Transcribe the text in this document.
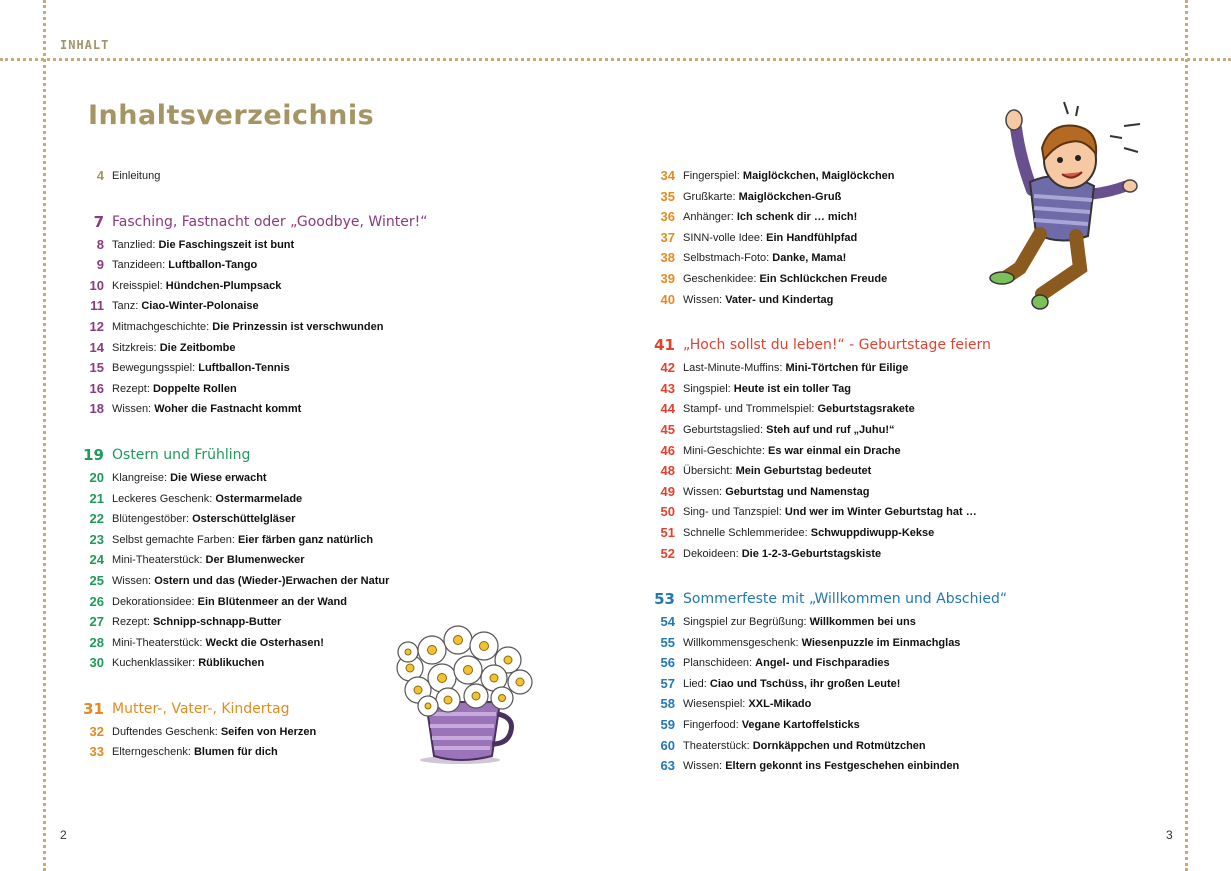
INHALT
Inhaltsverzeichnis
4 Einleitung
7 Fasching, Fastnacht oder „Goodbye, Winter!“
8 Tanzlied: Die Faschingszeit ist bunt
9 Tanzideen: Luftballon-Tango
10 Kreisspiel: Hündchen-Plumpsack
11 Tanz: Ciao-Winter-Polonaise
12 Mitmachgeschichte: Die Prinzessin ist verschwunden
14 Sitzkreis: Die Zeitbombe
15 Bewegungsspiel: Luftballon-Tennis
16 Rezept: Doppelte Rollen
18 Wissen: Woher die Fastnacht kommt
19 Ostern und Frühling
20 Klangreise: Die Wiese erwacht
21 Leckeres Geschenk: Ostermarmelade
22 Blütengestöber: Osterschüttelgläser
23 Selbst gemachte Farben: Eier färben ganz natürlich
24 Mini-Theaterstück: Der Blumenwecker
25 Wissen: Ostern und das (Wieder-)Erwachen der Natur
26 Dekorationsidee: Ein Blütenmeer an der Wand
27 Rezept: Schnipp-schnapp-Butter
28 Mini-Theaterstück: Weckt die Osterhasen!
30 Kuchenklassiker: Rüblikuchen
31 Mutter-, Vater-, Kindertag
32 Duftendes Geschenk: Seifen von Herzen
33 Elterngeschenk: Blumen für dich
34 Fingerspiel: Maiglöckchen, Maiglöckchen
35 Grußkarte: Maiglöckchen-Gruß
36 Anhänger: Ich schenk dir … mich!
37 SINN-volle Idee: Ein Handfühlpfad
38 Selbstmach-Foto: Danke, Mama!
39 Geschenkidee: Ein Schlückchen Freude
40 Wissen: Vater- und Kindertag
41 „Hoch sollst du leben!“ - Geburtstage feiern
42 Last-Minute-Muffins: Mini-Törtchen für Eilige
43 Singspiel: Heute ist ein toller Tag
44 Stampf- und Trommelspiel: Geburtstagsrakete
45 Geburtstagslied: Steh auf und ruf „Juhu!“
46 Mini-Geschichte: Es war einmal ein Drache
48 Übersicht: Mein Geburtstag bedeutet
49 Wissen: Geburtstag und Namenstag
50 Sing- und Tanzspiel: Und wer im Winter Geburtstag hat …
51 Schnelle Schlemmeridee: Schwuppdiwupp-Kekse
52 Dekoideen: Die 1-2-3-Geburtstagskiste
53 Sommerfeste mit „Willkommen und Abschied“
54 Singspiel zur Begrüßung: Willkommen bei uns
55 Willkommensgeschenk: Wiesenpuzzle im Einmachglas
56 Planschideen: Angel- und Fischparadies
57 Lied: Ciao und Tschüss, ihr großen Leute!
58 Wiesenspiel: XXL-Mikado
59 Fingerfood: Vegane Kartoffelsticks
60 Theaterstück: Dornkäppchen und Rotmützchen
63 Wissen: Eltern gekonnt ins Festgeschehen einbinden
2	3
